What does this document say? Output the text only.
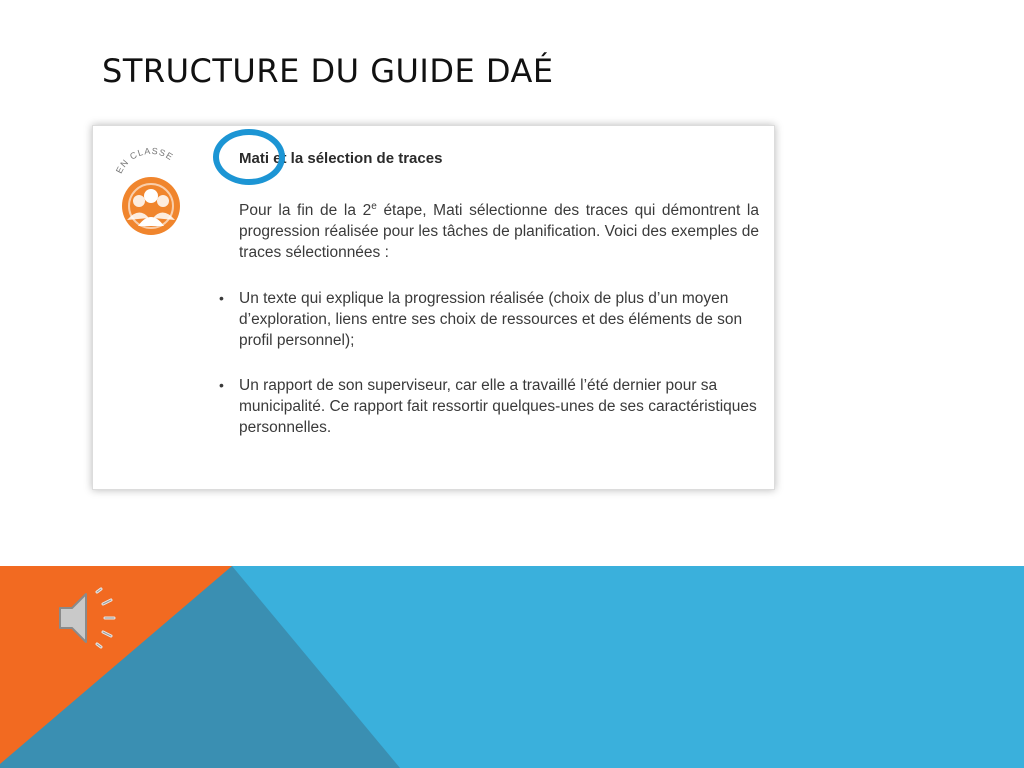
STRUCTURE DU GUIDE DAÉ
EN CLASSE	Mati et la sélection de traces

Pour la fin de la 2e étape, Mati sélectionne des traces qui démontrent la progression réalisée pour les tâches de planification. Voici des exemples de traces sélectionnées :

• Un texte qui explique la progression réalisée (choix de plus d’un moyen d’exploration, liens entre ses choix de ressources et des éléments de son profil personnel);
• Un rapport de son superviseur, car elle a travaillé l’été dernier pour sa municipalité. Ce rapport fait ressortir quelques-unes de ses caractéristiques personnelles.
